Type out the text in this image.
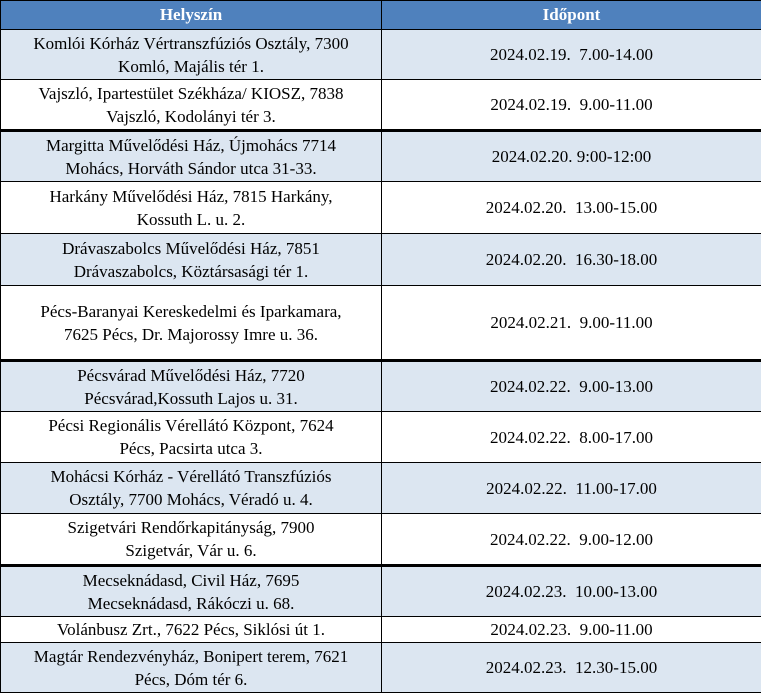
Helyszín	Időpont
Komlói Kórház Vértranszfúziós Osztály, 7300
Komló, Majális tér 1.	2024.02.19.  7.00-14.00
Vajszló, Ipartestület Székháza/ KIOSZ, 7838
Vajszló, Kodolányi tér 3.	2024.02.19.  9.00-11.00
Margitta Művelődési Ház, Újmohács 7714
Mohács, Horváth Sándor utca 31-33.	2024.02.20. 9:00-12:00
Harkány Művelődési Ház, 7815 Harkány,
Kossuth L. u. 2.	2024.02.20.  13.00-15.00
Drávaszabolcs Művelődési Ház, 7851
Drávaszabolcs, Köztársasági tér 1.	2024.02.20.  16.30-18.00
Pécs-Baranyai Kereskedelmi és Iparkamara,
7625 Pécs, Dr. Majorossy Imre u. 36.	2024.02.21.  9.00-11.00
Pécsvárad Művelődési Ház, 7720
Pécsvárad,Kossuth Lajos u. 31.	2024.02.22.  9.00-13.00
Pécsi Regionális Vérellátó Központ, 7624
Pécs, Pacsirta utca 3.	2024.02.22.  8.00-17.00
Mohácsi Kórház - Vérellátó Transzfúziós
Osztály, 7700 Mohács, Véradó u. 4.	2024.02.22.  11.00-17.00
Szigetvári Rendőrkapitányság, 7900
Szigetvár, Vár u. 6.	2024.02.22.  9.00-12.00
Mecseknádasd, Civil Ház, 7695
Mecseknádasd, Rákóczi u. 68.	2024.02.23.  10.00-13.00
Volánbusz Zrt., 7622 Pécs, Siklósi út 1.	2024.02.23.  9.00-11.00
Magtár Rendezvényház, Bonipert terem, 7621
Pécs, Dóm tér 6.	2024.02.23.  12.30-15.00
